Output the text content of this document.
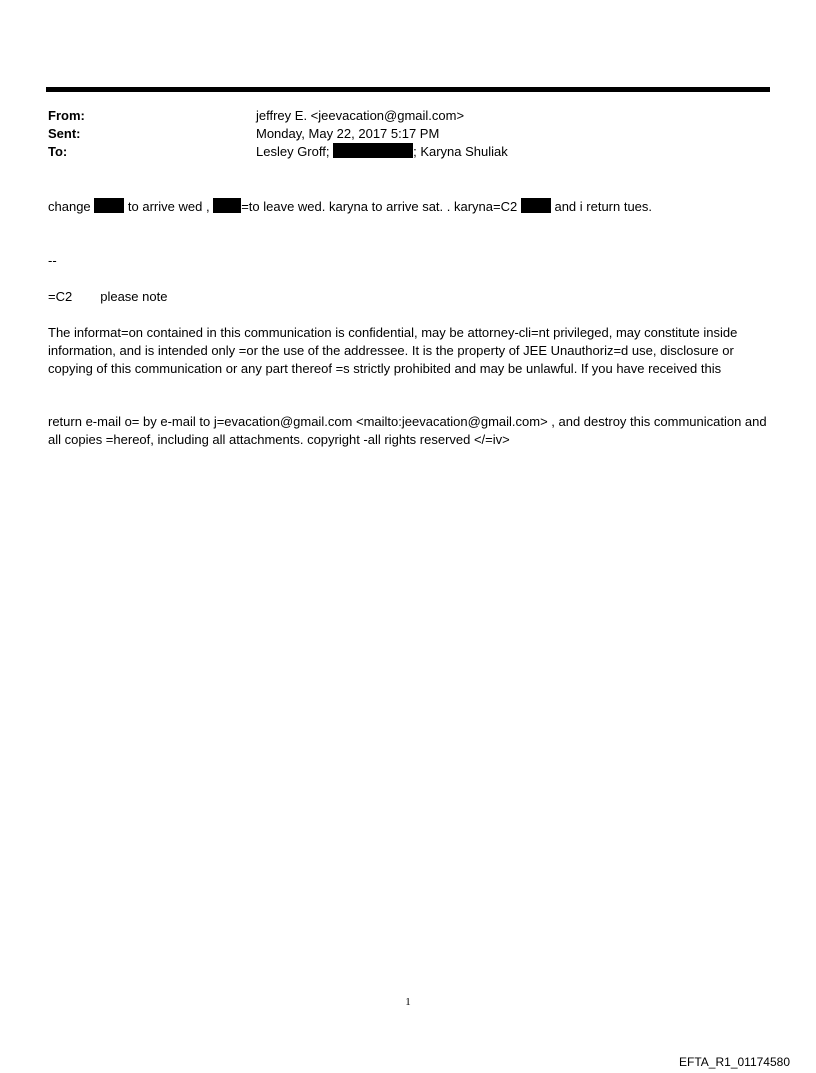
From:	jeffrey E. <jeevacation@gmail.com>
Sent:	Monday, May 22, 2017 5:17 PM
To:	Lesley Groff;	; Karyna Shuliak
change	to arrive wed , =to leave wed. karyna to arrive sat. . karyna=C2	and i return tues.
--
=C2 please note
The informat=on contained in this communication is confidential, may be attorney-cli=nt privileged, may constitute inside information, and is intended only =or the use of the addressee. It is the property of JEE Unauthoriz=d use, disclosure or copying of this communication or any part thereof =s strictly prohibited and may be unlawful. If you have received this
return e-mail o= by e-mail to j=evacation@gmail.com <mailto:jeevacation@gmail.com> , and destroy this communication and all copies =hereof, including all attachments. copyright -all rights reserved </=iv>
1
EFTA_R1_01174580
